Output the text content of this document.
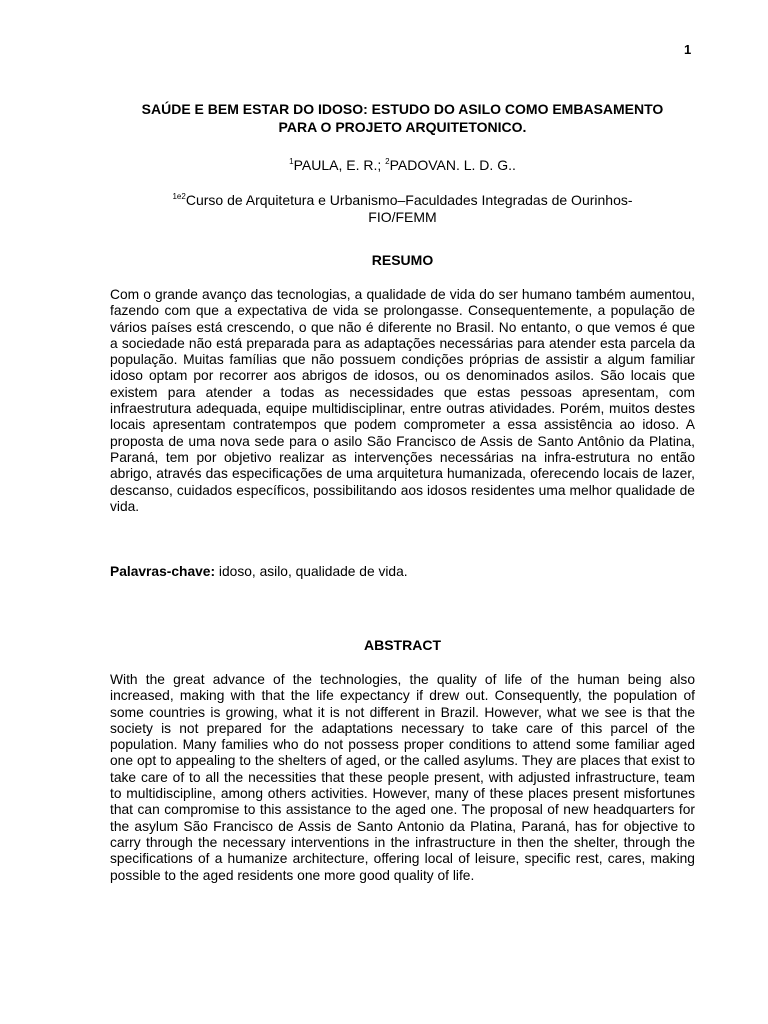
1
SAÚDE E BEM ESTAR DO IDOSO: ESTUDO DO ASILO COMO EMBASAMENTO
PARA O PROJETO ARQUITETONICO.
$^1$PAULA, E. R.; $^2$PADOVAN. L. D. G..
$^{1e2}$Curso de Arquitetura e Urbanismo–Faculdades Integradas de Ourinhos-
FIO/FEMM
RESUMO
Com o grande avanço das tecnologias, a qualidade de vida do ser humano também aumentou, fazendo com que a expectativa de vida se prolongasse. Consequentemente, a população de vários países está crescendo, o que não é diferente no Brasil. No entanto, o que vemos é que a sociedade não está preparada para as adaptações necessárias para atender esta parcela da população. Muitas famílias que não possuem condições próprias de assistir a algum familiar idoso optam por recorrer aos abrigos de idosos, ou os denominados asilos. São locais que existem para atender a todas as necessidades que estas pessoas apresentam, com infraestrutura adequada, equipe multidisciplinar, entre outras atividades. Porém, muitos destes locais apresentam contratempos que podem comprometer a essa assistência ao idoso. A proposta de uma nova sede para o asilo São Francisco de Assis de Santo Antônio da Platina, Paraná, tem por objetivo realizar as intervenções necessárias na infra-estrutura no então abrigo, através das especificações de uma arquitetura humanizada, oferecendo locais de lazer, descanso, cuidados específicos, possibilitando aos idosos residentes uma melhor qualidade de vida.
Palavras-chave: idoso, asilo, qualidade de vida.
ABSTRACT
With the great advance of the technologies, the quality of life of the human being also increased, making with that the life expectancy if drew out. Consequently, the population of some countries is growing, what it is not different in Brazil. However, what we see is that the society is not prepared for the adaptations necessary to take care of this parcel of the population. Many families who do not possess proper conditions to attend some familiar aged one opt to appealing to the shelters of aged, or the called asylums. They are places that exist to take care of to all the necessities that these people present, with adjusted infrastructure, team to multidiscipline, among others activities. However, many of these places present misfortunes that can compromise to this assistance to the aged one. The proposal of new headquarters for the asylum São Francisco de Assis de Santo Antonio da Platina, Paraná, has for objective to carry through the necessary interventions in the infrastructure in then the shelter, through the specifications of a humanize architecture, offering local of leisure, specific rest, cares, making possible to the aged residents one more good quality of life.
